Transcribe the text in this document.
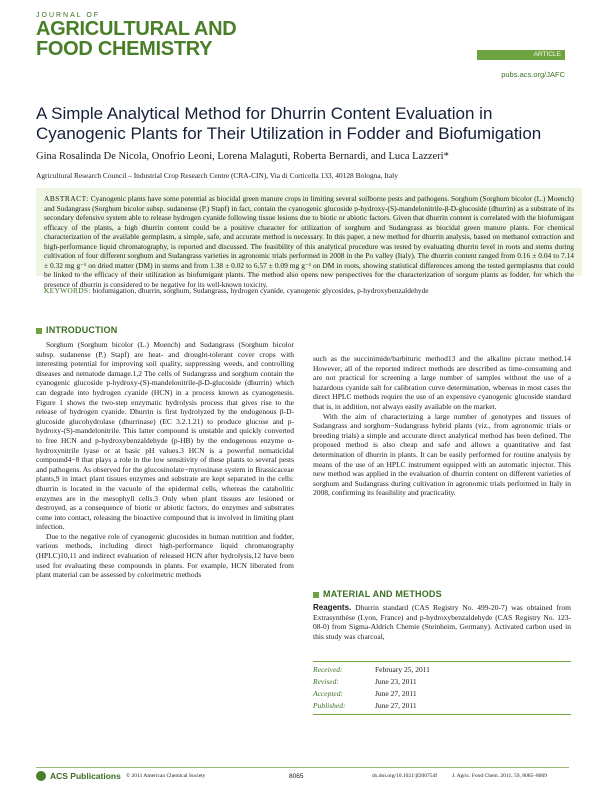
JOURNAL OF
AGRICULTURAL AND
FOOD CHEMISTRY	ARTICLE
pubs.acs.org/JAFC
A Simple Analytical Method for Dhurrin Content Evaluation in Cyanogenic Plants for Their Utilization in Fodder and Biofumigation
Gina Rosalinda De Nicola, Onofrio Leoni, Lorena Malaguti, Roberta Bernardi, and Luca Lazzeri*
Agricultural Research Council – Industrial Crop Research Centre (CRA-CIN), Via di Corticella 133, 40128 Bologna, Italy
ABSTRACT: Cyanogenic plants have some potential as biocidal green manure crops in limiting several soilborne pests and pathogens. Sorghum (Sorghum bicolor (L.) Moench) and Sudangrass (Sorghum bicolor subsp. sudanense (P.) Stapf) in fact, contain the cyanogenic glucoside p-hydroxy-(S)-mandelonitrile-β-D-glucoside (dhurrin) as a substrate of its secondary defensive system able to release hydrogen cyanide following tissue lesions due to biotic or abiotic factors. Given that dhurrin content is correlated with the biofumigant efficacy of the plants, a high dhurrin content could be a positive character for utilization of sorghum and Sudangrass as biocidal green manure plants. For chemical characterization of the available germplasm, a simple, safe, and accurate method is necessary. In this paper, a new method for dhurrin analysis, based on methanol extraction and high-performance liquid chromatography, is reported and discussed. The feasibility of this analytical procedure was tested by evaluating dhurrin level in roots and stems during cultivation of four different sorghum and Sudangrass varieties in agronomic trials performed in 2008 in the Po valley (Italy). The dhurrin content ranged from 0.16 ± 0.04 to 7.14 ± 0.32 mg g⁻¹ on dried matter (DM) in stems and from 1.38 ± 0.02 to 6.57 ± 0.09 mg g⁻¹ on DM in roots, showing statistical differences among the tested germplasms that could be linked to the efficacy of their utilization as biofumigant plants. The method also opens new perspectives for the characterization of sorgum plants as fodder, for which the presence of dhurrin is considered to be negative for its well-known toxicity.
KEYWORDS: biofumigation, dhurrin, sorghum, Sudangrass, hydrogen cyanide, cyanogenic glycosides, p-hydroxybenzaldehyde
INTRODUCTION

Sorghum (Sorghum bicolor (L.) Moench) and Sudangrass (Sorghum bicolor subsp. sudanense (P.) Stapf) are heat- and drought-tolerant cover crops with interesting potential for improving soil quality, suppressing weeds, and controlling diseases and nematode damage.1,2 The cells of Sudangrass and sorghum contain the cyanogenic glucoside p-hydroxy-(S)-mandelonitrile-β-D-glucoside (dhurrin) which can degrade into hydrogen cyanide (HCN) in a process known as cyanogenesis. Figure 1 shows the two-step enzymatic hydrolysis process that gives rise to the release of hydrogen cyanide. Dhurrin is first hydrolyzed by the endogenous β-D-glucoside glucohydrolase (dhurrinase) (EC 3.2.1.21) to produce glucose and p-hydroxy-(S)-mandelonitrile. This latter compound is unstable and quickly converted to free HCN and p-hydroxybenzaldehyde (p-HB) by the endogenous enzyme α-hydroxynitrile lyase or at basic pH values.3 HCN is a powerful nematicidal compound4−8 that plays a role in the low sensitivity of these plants to several pests and pathogens. As observed for the glucosinolate−myrosinase system in Brassicaceae plants,9 in intact plant tissues enzymes and substrate are kept separated in the cells: dhurrin is located in the vacuole of the epidermal cells, whereas the catabolitic enzymes are in the mesophyll cells.3 Only when plant tissues are lesioned or destroyed, as a consequence of biotic or abiotic factors, do enzymes and substrates come into contact, releasing the bioactive compound that is involved in limiting plant infection.

Due to the negative role of cyanogenic glucosides in human nutrition and fodder, various methods, including direct high-performance liquid chromatography (HPLC)10,11 and indirect evaluation of released HCN after hydrolysis,12 have been used for evaluating these compounds in plants. For example, HCN liberated from plant material can be assessed by colorimetric methods

such as the succinimide/barbituric method13 and the alkaline picrate method.14 However, all of the reported indirect methods are described as time-consuming and are not practical for screening a large number of samples without the use of a hazardous cyanide salt for calibration curve determination, whereas in most cases the direct HPLC methods require the use of an expensive cyanogenic glucoside standard that is, in addition, not always easily available on the market.

With the aim of characterizing a large number of genotypes and tissues of Sudangrass and sorghum−Sudangrass hybrid plants (viz., from agronomic trials or breeding trials) a simple and accurate direct analytical method has been defined. The proposed method is also cheap and safe and allows a quantitative and fast determination of dhurrin in plants. It can be easily performed for routine analysis by means of the use of an HPLC instrument equipped with an automatic injector. This new method was applied in the evaluation of dhurrin content on different varieties of sorghum and Sudangrass during cultivation in agronomic trials performed in Italy in 2008, confirming its feasibility and practicality.

MATERIAL AND METHODS
Reagents. Dhurrin standard (CAS Registry No. 499-20-7) was obtained from Extrasynthèse (Lyon, France) and p-hydroxybenzaldehyde (CAS Registry No. 123-08-0) from Sigma-Aldrich Chemie (Steinheim, Germany). Activated carbon used in this study was charcoal,
Received:	February 25, 2011
Revised:	June 23, 2011
Accepted:	June 27, 2011
Published:	June 27, 2011
ACS Publications © 2011 American Chemical Society	8065	dx.doi.org/10.1021/jf200754f	J. Agric. Food Chem. 2011, 59, 8065–8069
